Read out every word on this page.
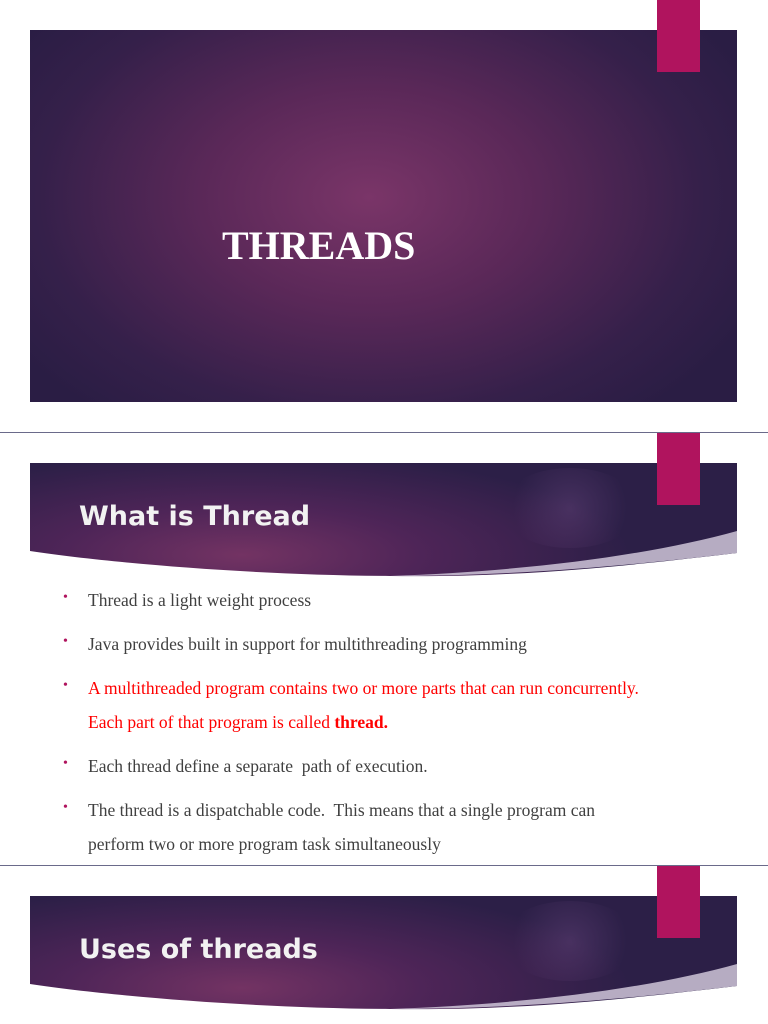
THREADS
What is Thread
• Thread is a light weight process
• Java provides built in support for multithreading programming
• A multithreaded program contains two or more parts that can run concurrently.
Each part of that program is called thread.
• Each thread define a separate  path of execution.
• The thread is a dispatchable code.  This means that a single program can
perform two or more program task simultaneously
Uses of threads
